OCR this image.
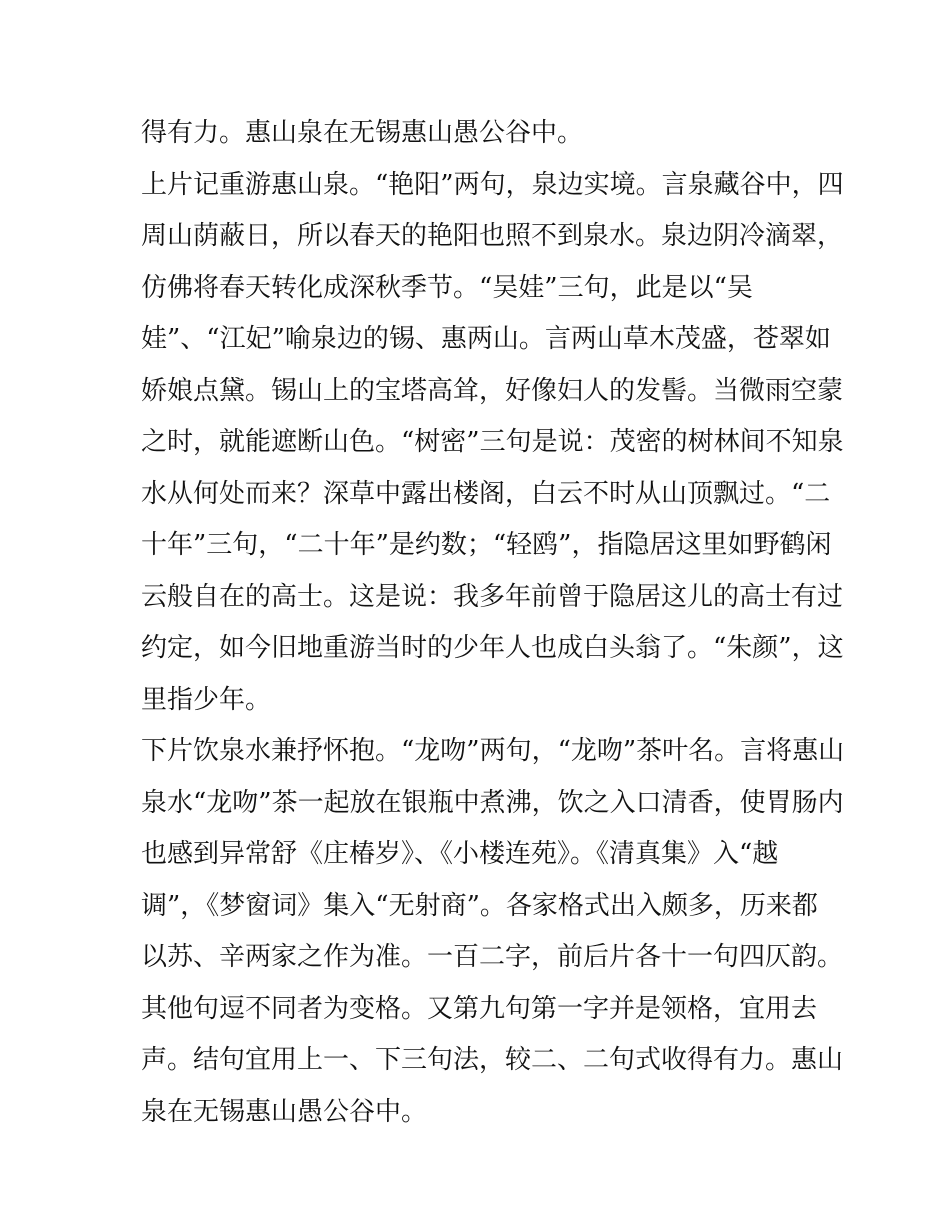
得有力。惠山泉在无锡惠山愚公谷中。
上片记重游惠山泉。“艳阳”两句，泉边实境。言泉藏谷中，四
周山荫蔽日，所以春天的艳阳也照不到泉水。泉边阴冷滴翠，
仿佛将春天转化成深秋季节。“吴娃”三句，此是以“吴
娃”、“江妃”喻泉边的锡、惠两山。言两山草木茂盛，苍翠如
娇娘点黛。锡山上的宝塔高耸，好像妇人的发髻。当微雨空蒙
之时，就能遮断山色。“树密”三句是说：茂密的树林间不知泉
水从何处而来？深草中露出楼阁，白云不时从山顶飘过。“二
十年”三句，“二十年”是约数；“轻鸥”，指隐居这里如野鹤闲
云般自在的高士。这是说：我多年前曾于隐居这儿的高士有过
约定，如今旧地重游当时的少年人也成白头翁了。“朱颜”，这
里指少年。
下片饮泉水兼抒怀抱。“龙吻”两句，“龙吻”茶叶名。言将惠山
泉水“龙吻”茶一起放在银瓶中煮沸，饮之入口清香，使胃肠内
也感到异常舒《庄椿岁》、《小楼连苑》。《清真集》入“越
调”，《梦窗词》集入“无射商”。各家格式出入颇多，历来都
以苏、辛两家之作为准。一百二字，前后片各十一句四仄韵。
其他句逗不同者为变格。又第九句第一字并是领格，宜用去
声。结句宜用上一、下三句法，较二、二句式收得有力。惠山
泉在无锡惠山愚公谷中。
